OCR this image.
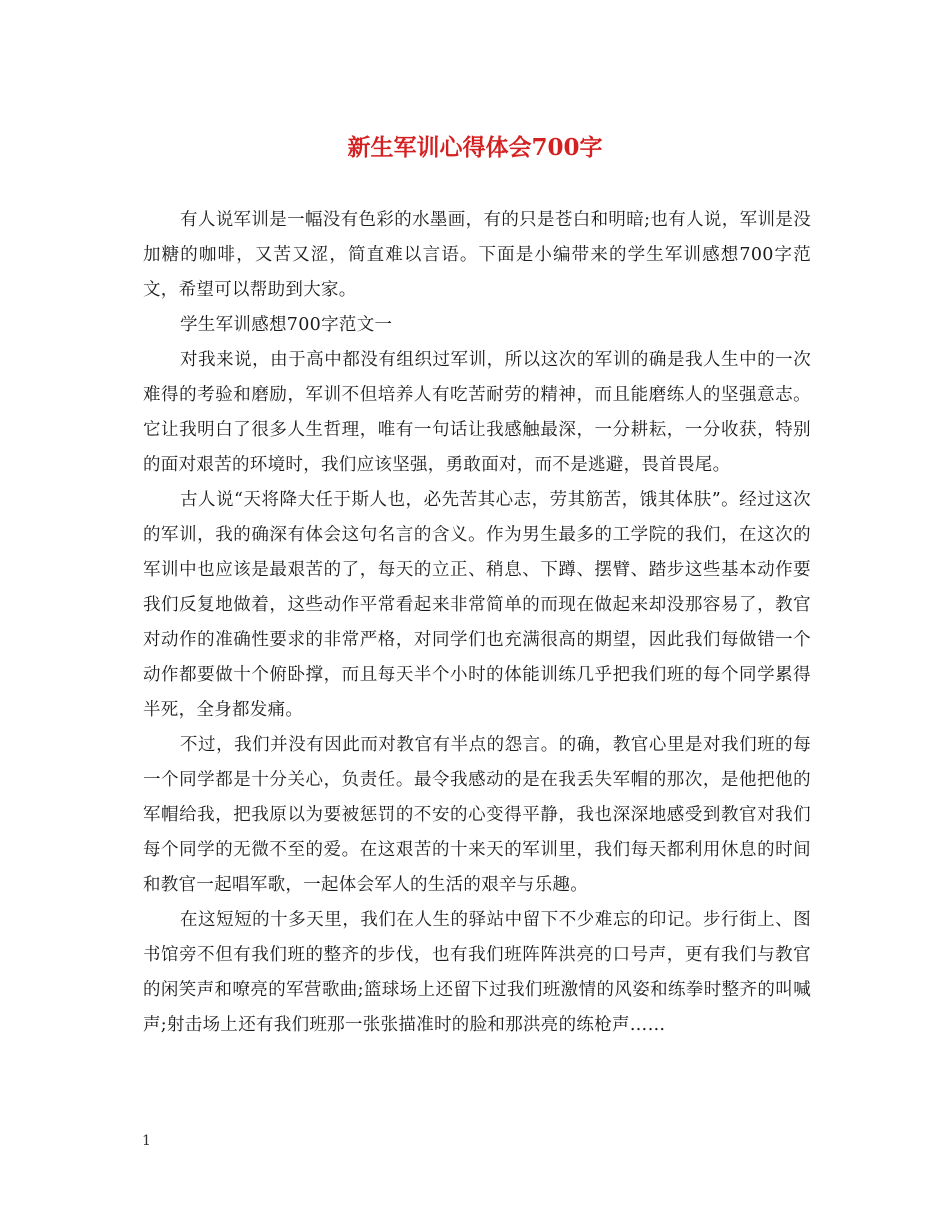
新生军训心得体会700字

有人说军训是一幅没有色彩的水墨画，有的只是苍白和明暗;也有人说，军训是没加糖的咖啡，又苦又涩，简直难以言语。下面是小编带来的学生军训感想700字范文，希望可以帮助到大家。

学生军训感想700字范文一

对我来说，由于高中都没有组织过军训，所以这次的军训的确是我人生中的一次难得的考验和磨励，军训不但培养人有吃苦耐劳的精神，而且能磨练人的坚强意志。它让我明白了很多人生哲理，唯有一句话让我感触最深，一分耕耘，一分收获，特别的面对艰苦的环境时，我们应该坚强，勇敢面对，而不是逃避，畏首畏尾。

古人说“天将降大任于斯人也，必先苦其心志，劳其筋苦，饿其体肤”。经过这次的军训，我的确深有体会这句名言的含义。作为男生最多的工学院的我们，在这次的军训中也应该是最艰苦的了，每天的立正、稍息、下蹲、摆臂、踏步这些基本动作要我们反复地做着，这些动作平常看起来非常简单的而现在做起来却没那容易了，教官对动作的准确性要求的非常严格，对同学们也充满很高的期望，因此我们每做错一个动作都要做十个俯卧撑，而且每天半个小时的体能训练几乎把我们班的每个同学累得半死，全身都发痛。

不过，我们并没有因此而对教官有半点的怨言。的确，教官心里是对我们班的每一个同学都是十分关心，负责任。最令我感动的是在我丢失军帽的那次，是他把他的军帽给我，把我原以为要被惩罚的不安的心变得平静，我也深深地感受到教官对我们每个同学的无微不至的爱。在这艰苦的十来天的军训里，我们每天都利用休息的时间和教官一起唱军歌，一起体会军人的生活的艰辛与乐趣。

在这短短的十多天里，我们在人生的驿站中留下不少难忘的印记。步行街上、图书馆旁不但有我们班的整齐的步伐，也有我们班阵阵洪亮的口号声，更有我们与教官的闲笑声和嘹亮的军营歌曲;篮球场上还留下过我们班激情的风姿和练拳时整齐的叫喊声;射击场上还有我们班那一张张描准时的脸和那洪亮的练枪声……

1
